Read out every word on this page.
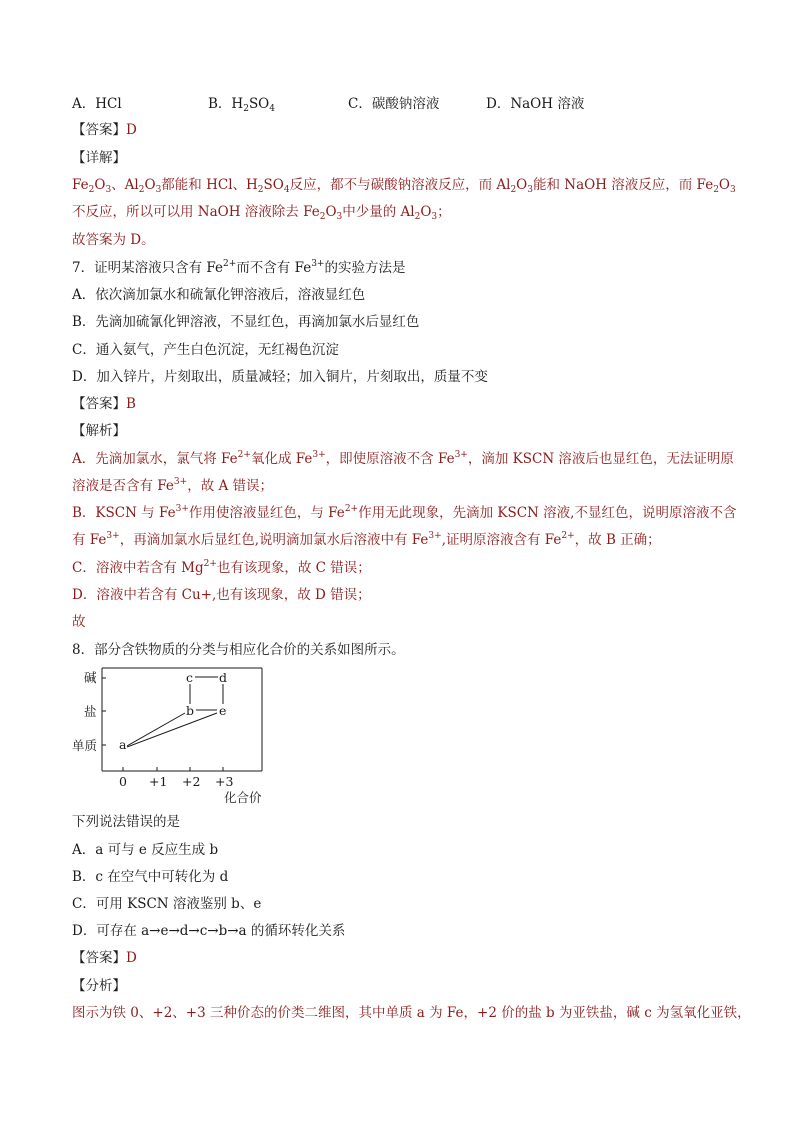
A．HCl	B．$H_2SO_4$	C．碳酸钠溶液	D．NaOH 溶液
【答案】D
【详解】
$Fe_2O_3$、$Al_2O_3$都能和 HCl、$H_2SO_4$反应，都不与碳酸钠溶液反应，而 $Al_2O_3$能和 NaOH 溶液反应，而 $Fe_2O_3$
不反应，所以可以用 NaOH 溶液除去 $Fe_2O_3$中少量的 $Al_2O_3$；
故答案为 D。
7．证明某溶液只含有 $Fe^{2+}$而不含有 $Fe^{3+}$的实验方法是
A．依次滴加氯水和硫氰化钾溶液后，溶液显红色
B．先滴加硫氰化钾溶液，不显红色，再滴加氯水后显红色
C．通入氨气，产生白色沉淀，无红褐色沉淀
D．加入锌片，片刻取出，质量减轻；加入铜片，片刻取出，质量不变
【答案】B
【解析】
A．先滴加氯水，氯气将 $Fe^{2+}$氧化成 $Fe^{3+}$，即使原溶液不含 $Fe^{3+}$，滴加 KSCN 溶液后也显红色，无法证明原
溶液是否含有 $Fe^{3+}$，故 A 错误；
B．KSCN 与 $Fe^{3+}$作用使溶液显红色，与 $Fe^{2+}$作用无此现象，先滴加 KSCN 溶液,不显红色，说明原溶液不含
有 $Fe^{3+}$，再滴加氯水后显红色,说明滴加氯水后溶液中有 $Fe^{3+}$,证明原溶液含有 $Fe^{2+}$，故 B 正确；
C．溶液中若含有 $Mg^{2+}$也有该现象，故 C 错误；
D．溶液中若含有 Cu+,也有该现象，故 D 错误；
故
8．部分含铁物质的分类与相应化合价的关系如图所示。
碱
盐
单质
0 +1 +2 +3
化合价
a
b
c d
e
下列说法错误的是
A．a 可与 e 反应生成 b
B．c 在空气中可转化为 d
C．可用 KSCN 溶液鉴别 b、e
D．可存在 a→e→d→c→b→a 的循环转化关系
【答案】D
【分析】
图示为铁 0、+2、+3 三种价态的价类二维图，其中单质 a 为 Fe，+2 价的盐 b 为亚铁盐，碱 c 为氢氧化亚铁，
